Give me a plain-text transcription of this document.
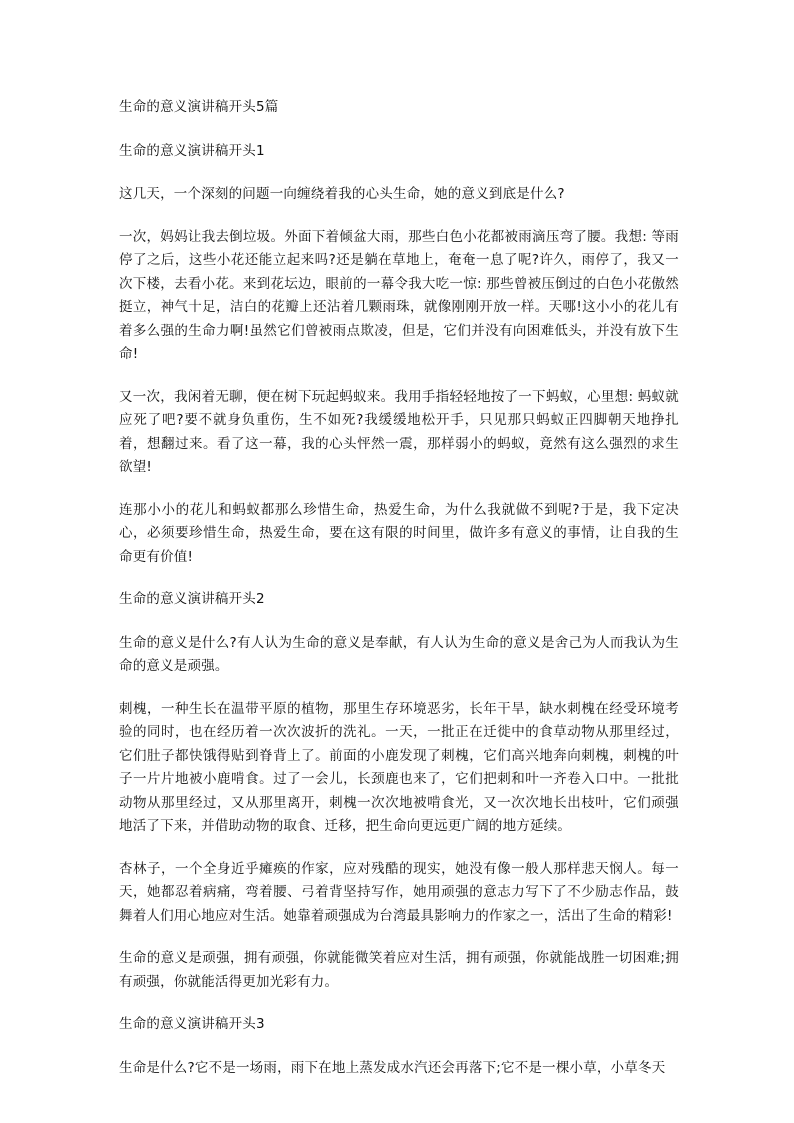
生命的意义演讲稿开头5篇

生命的意义演讲稿开头1

这几天，一个深刻的问题一向缠绕着我的心头生命，她的意义到底是什么?

一次，妈妈让我去倒垃圾。外面下着倾盆大雨，那些白色小花都被雨滴压弯了腰。我想: 等雨停了之后，这些小花还能立起来吗?还是躺在草地上，奄奄一息了呢?许久，雨停了，我又一次下楼，去看小花。来到花坛边，眼前的一幕令我大吃一惊: 那些曾被压倒过的白色小花傲然挺立，神气十足，洁白的花瓣上还沾着几颗雨珠，就像刚刚开放一样。天哪!这小小的花儿有着多么强的生命力啊!虽然它们曾被雨点欺凌，但是，它们并没有向困难低头，并没有放下生命!

又一次，我闲着无聊，便在树下玩起蚂蚁来。我用手指轻轻地按了一下蚂蚁，心里想: 蚂蚁就应死了吧?要不就身负重伤，生不如死?我缓缓地松开手，只见那只蚂蚁正四脚朝天地挣扎着，想翻过来。看了这一幕，我的心头怦然一震，那样弱小的蚂蚁，竟然有这么强烈的求生欲望!

连那小小的花儿和蚂蚁都那么珍惜生命，热爱生命，为什么我就做不到呢?于是，我下定决心，必须要珍惜生命，热爱生命，要在这有限的时间里，做许多有意义的事情，让自我的生命更有价值!

生命的意义演讲稿开头2

生命的意义是什么?有人认为生命的意义是奉献，有人认为生命的意义是舍己为人而我认为生命的意义是顽强。

刺槐，一种生长在温带平原的植物，那里生存环境恶劣，长年干旱，缺水刺槐在经受环境考验的同时，也在经历着一次次波折的洗礼。一天，一批正在迁徙中的食草动物从那里经过，它们肚子都快饿得贴到脊背上了。前面的小鹿发现了刺槐，它们高兴地奔向刺槐，刺槐的叶子一片片地被小鹿啃食。过了一会儿，长颈鹿也来了，它们把刺和叶一齐卷入口中。一批批动物从那里经过，又从那里离开，刺槐一次次地被啃食光，又一次次地长出枝叶，它们顽强地活了下来，并借助动物的取食、迁移，把生命向更远更广阔的地方延续。

杏林子，一个全身近乎瘫痪的作家，应对残酷的现实，她没有像一般人那样悲天悯人。每一天，她都忍着病痛，弯着腰、弓着背坚持写作，她用顽强的意志力写下了不少励志作品，鼓舞着人们用心地应对生活。她靠着顽强成为台湾最具影响力的作家之一，活出了生命的精彩!

生命的意义是顽强，拥有顽强，你就能微笑着应对生活，拥有顽强，你就能战胜一切困难;拥有顽强，你就能活得更加光彩有力。

生命的意义演讲稿开头3

生命是什么?它不是一场雨，雨下在地上蒸发成水汽还会再落下;它不是一棵小草，小草冬天
